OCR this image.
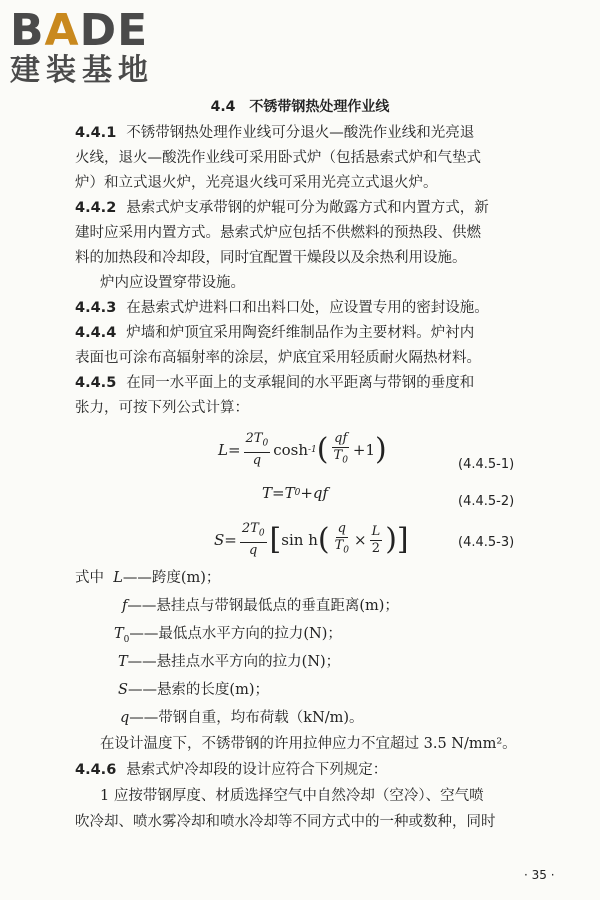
BADE
建装基地
4.4 不锈带钢热处理作业线
4.4.1 不锈带钢热处理作业线可分退火—酸洗作业线和光亮退
火线，退火—酸洗作业线可采用卧式炉（包括悬索式炉和气垫式
炉）和立式退火炉，光亮退火线可采用光亮立式退火炉。
4.4.2 悬索式炉支承带钢的炉辊可分为敞露方式和内置方式，新
建时应采用内置方式。悬索式炉应包括不供燃料的预热段、供燃
料的加热段和冷却段，同时宜配置干燥段以及余热利用设施。
炉内应设置穿带设施。
4.4.3 在悬索式炉进料口和出料口处，应设置专用的密封设施。
4.4.4 炉墙和炉顶宜采用陶瓷纤维制品作为主要材料。炉衬内
表面也可涂布高辐射率的涂层，炉底宜采用轻质耐火隔热材料。
4.4.5 在同一水平面上的支承辊间的水平距离与带钢的垂度和
张力，可按下列公式计算：
$L= \frac{2T_0}{q}$ cosh -1 ( $\frac{qf}{T_0} +1$ )	(4.4.5-1)
T=T 0 +qf	(4.4.5-2)
$S= \frac{2T_0}{q}$ [ sin h ( $\frac{q}{T_0} \times \frac{L}{2}$ ) ]	(4.4.5-3)
式中 L——跨度(m)；
f——悬挂点与带钢最低点的垂直距离(m)；
$T_0——$最低点水平方向的拉力(N)；
T——悬挂点水平方向的拉力(N)；
S——悬索的长度(m)；
q——带钢自重，均布荷载（kN/m)。
在设计温度下，不锈带钢的许用拉伸应力不宜超过 3.5 N/mm²。
4.4.6 悬索式炉冷却段的设计应符合下列规定：
1 应按带钢厚度、材质选择空气中自然冷却（空冷）、空气喷
吹冷却、喷水雾冷却和喷水冷却等不同方式中的一种或数种，同时
· 35 ·
